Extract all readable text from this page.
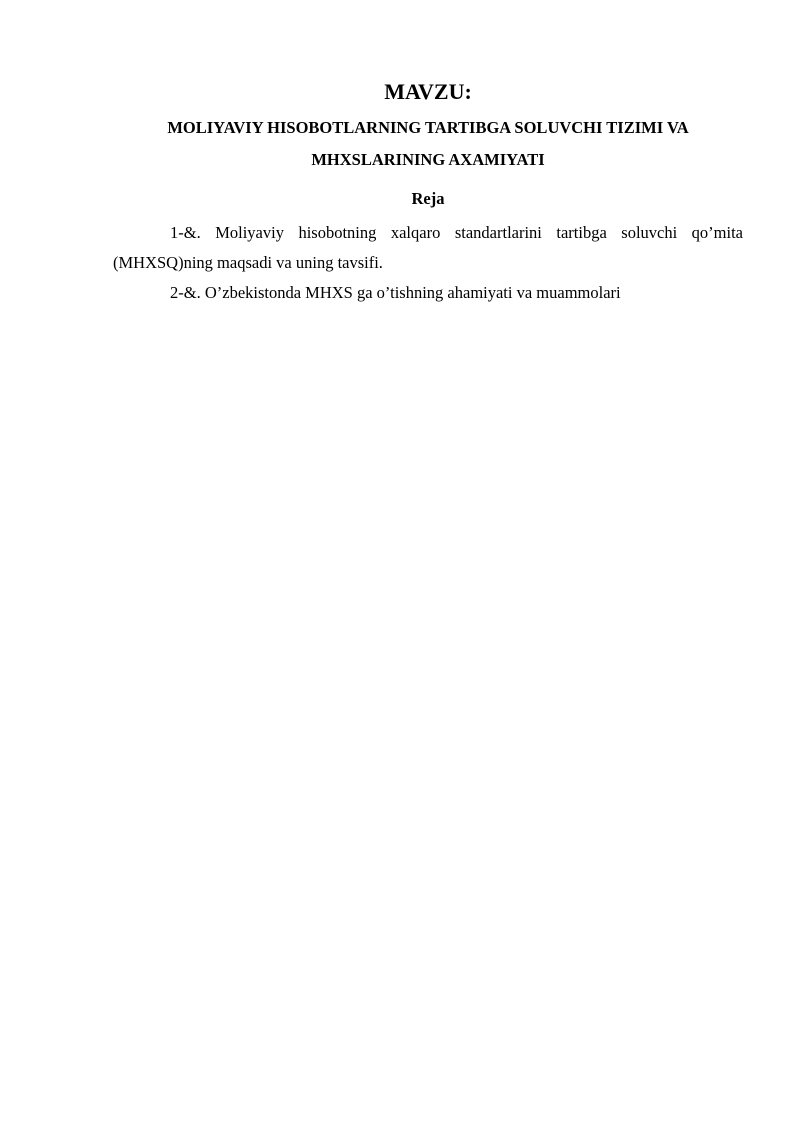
MAVZU:
MOLIYAVIY HISOBOTLARNING TARTIBGA SOLUVCHI TIZIMI VA MHXSLARINING AXAMIYATI
Reja

1-&. Moliyaviy hisobotning xalqaro standartlarini tartibga soluvchi qo’mita (MHXSQ)ning maqsadi va uning tavsifi.

2-&. O’zbekistonda MHXS ga o’tishning ahamiyati va muammolari
